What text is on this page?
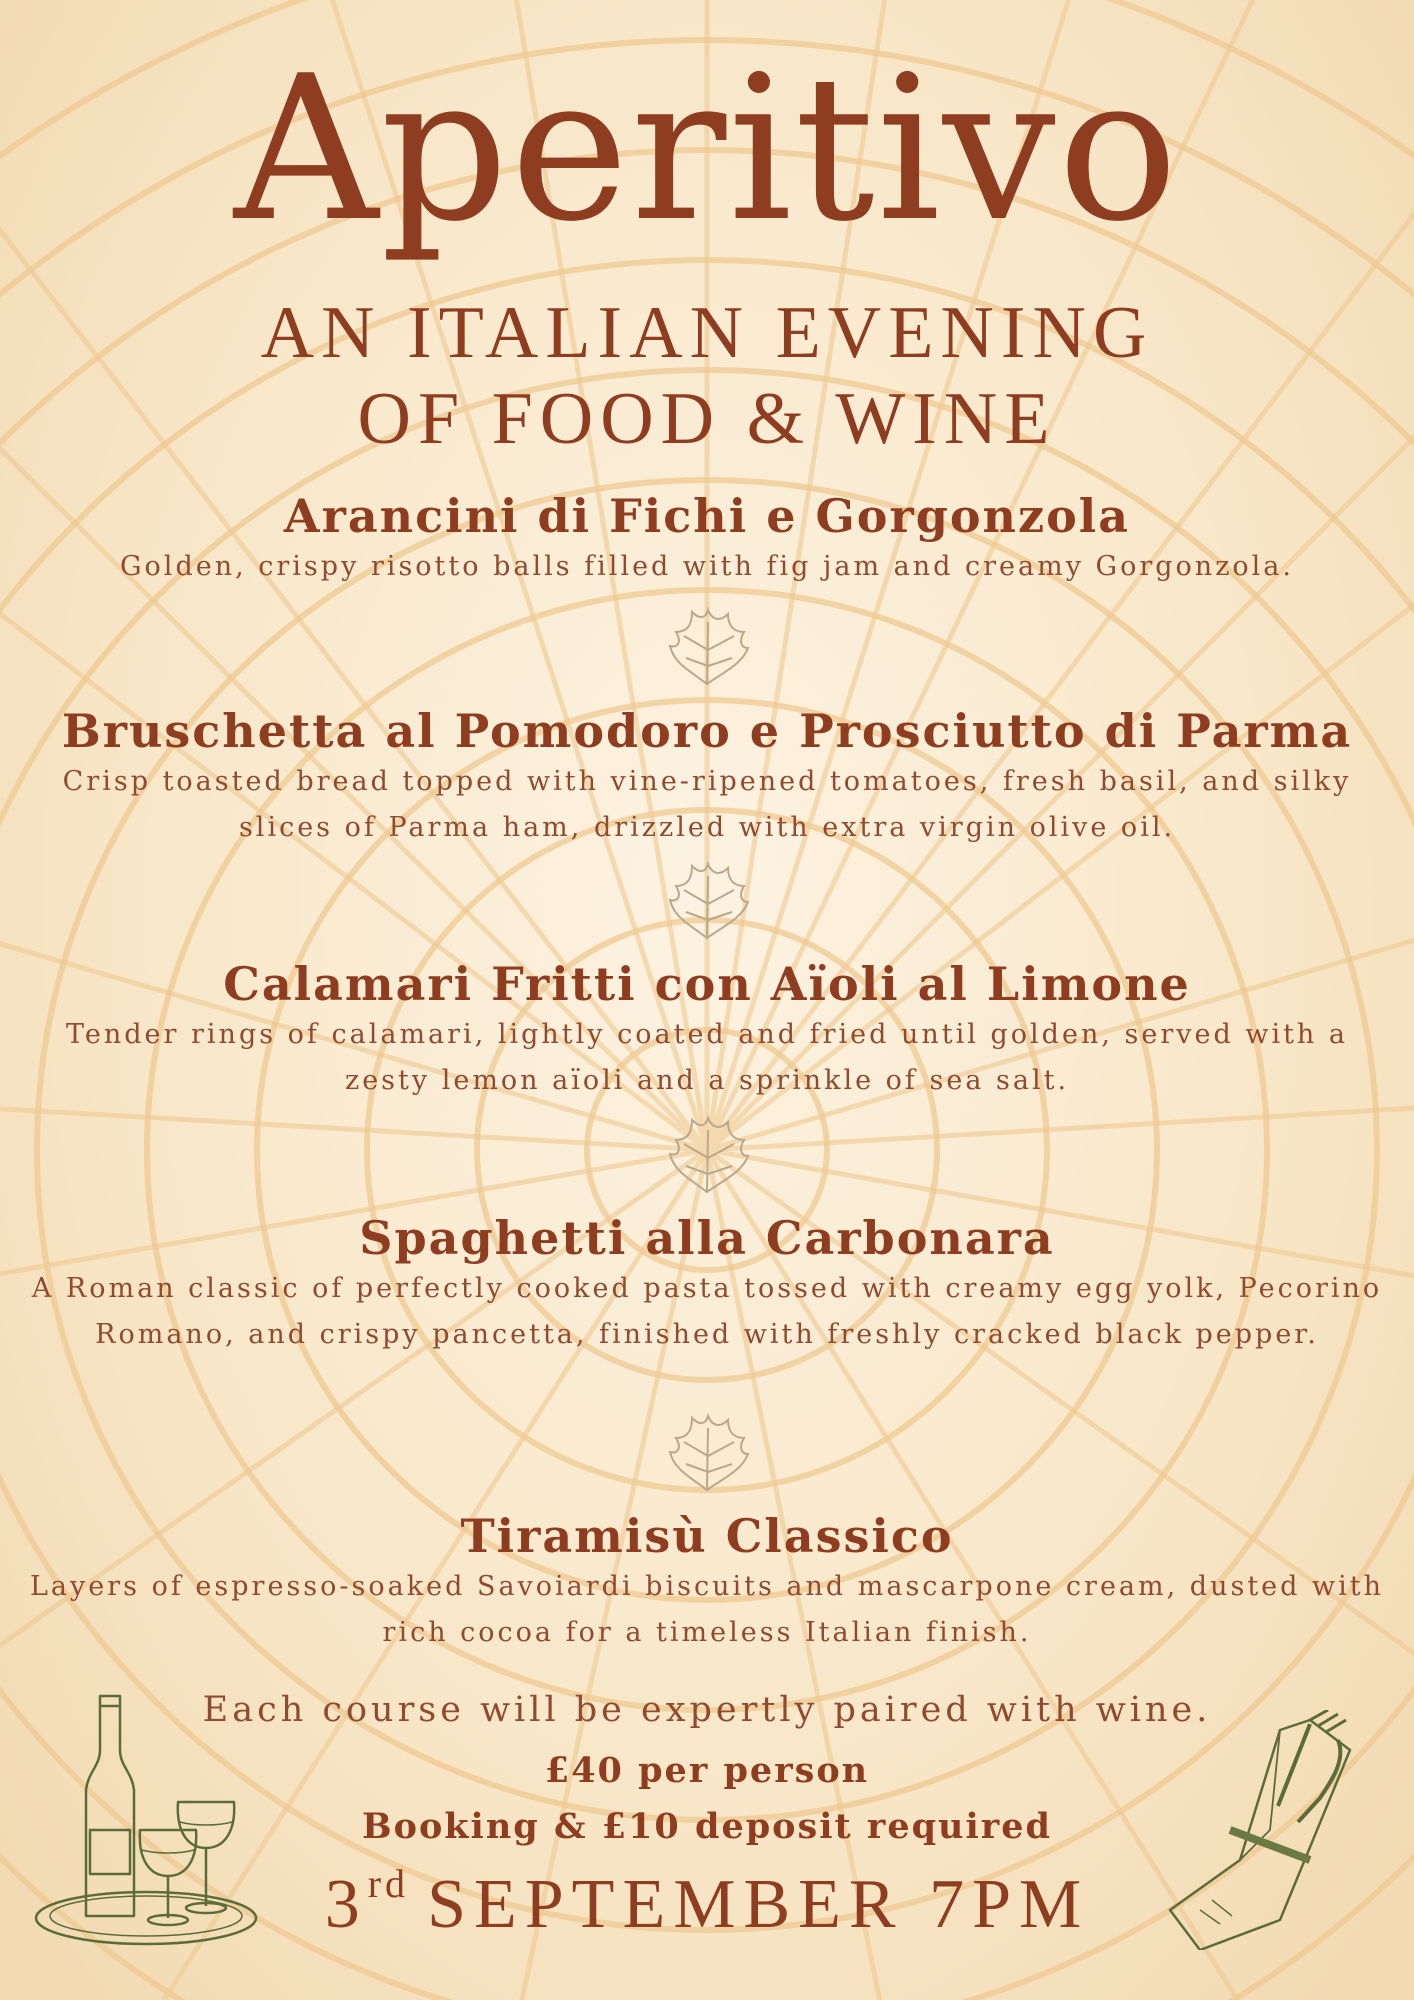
Aperitivo
AN ITALIAN EVENING
OF FOOD & WINE
Arancini di Fichi e Gorgonzola
Golden, crispy risotto balls filled with fig jam and creamy Gorgonzola.
Bruschetta al Pomodoro e Prosciutto di Parma
Crisp toasted bread topped with vine-ripened tomatoes, fresh basil, and silky slices of Parma ham, drizzled with extra virgin olive oil.
Calamari Fritti con Aïoli al Limone
Tender rings of calamari, lightly coated and fried until golden, served with a zesty lemon aïoli and a sprinkle of sea salt.
Spaghetti alla Carbonara
A Roman classic of perfectly cooked pasta tossed with creamy egg yolk, Pecorino Romano, and crispy pancetta, finished with freshly cracked black pepper.
Tiramisù Classico
Layers of espresso-soaked Savoiardi biscuits and mascarpone cream, dusted with rich cocoa for a timeless Italian finish.
Each course will be expertly paired with wine.
£40 per person
Booking & £10 deposit required
3rd SEPTEMBER 7PM
